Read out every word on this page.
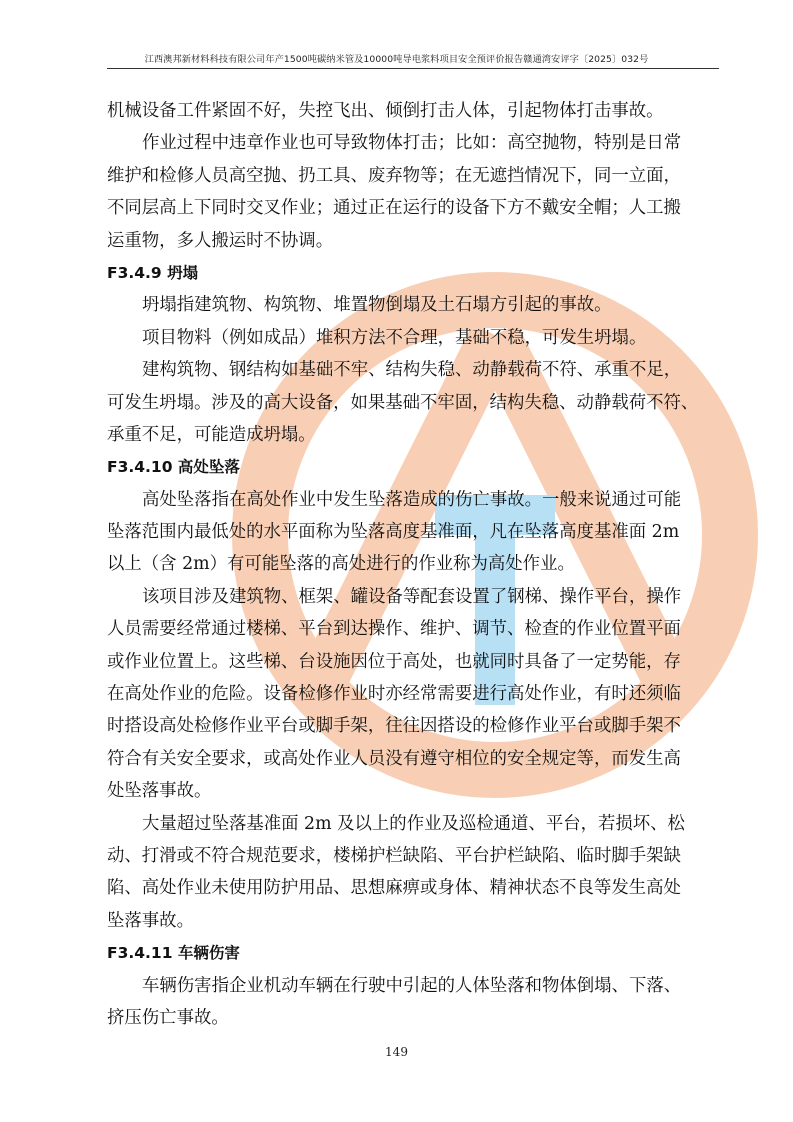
江西澳邦新材料科技有限公司年产1500吨碳纳米管及10000吨导电浆料项目安全预评价报告赣通湾安评字〔2025〕032号
机械设备工件紧固不好，失控飞出、倾倒打击人体，引起物体打击事故。
作业过程中违章作业也可导致物体打击；比如：高空抛物，特别是日常
维护和检修人员高空抛、扔工具、废弃物等；在无遮挡情况下，同一立面，
不同层高上下同时交叉作业；通过正在运行的设备下方不戴安全帽；人工搬
运重物，多人搬运时不协调。
F3.4.9 坍塌
坍塌指建筑物、构筑物、堆置物倒塌及土石塌方引起的事故。
项目物料（例如成品）堆积方法不合理，基础不稳，可发生坍塌。
建构筑物、钢结构如基础不牢、结构失稳、动静载荷不符、承重不足，
可发生坍塌。涉及的高大设备，如果基础不牢固，结构失稳、动静载荷不符、
承重不足，可能造成坍塌。
F3.4.10 高处坠落
高处坠落指在高处作业中发生坠落造成的伤亡事故。一般来说通过可能
坠落范围内最低处的水平面称为坠落高度基准面，凡在坠落高度基准面 2m
以上（含 2m）有可能坠落的高处进行的作业称为高处作业。
该项目涉及建筑物、框架、罐设备等配套设置了钢梯、操作平台，操作
人员需要经常通过楼梯、平台到达操作、维护、调节、检查的作业位置平面
或作业位置上。这些梯、台设施因位于高处，也就同时具备了一定势能，存
在高处作业的危险。设备检修作业时亦经常需要进行高处作业，有时还须临
时搭设高处检修作业平台或脚手架，往往因搭设的检修作业平台或脚手架不
符合有关安全要求，或高处作业人员没有遵守相位的安全规定等，而发生高
处坠落事故。
大量超过坠落基准面 2m 及以上的作业及巡检通道、平台，若损坏、松
动、打滑或不符合规范要求，楼梯护栏缺陷、平台护栏缺陷、临时脚手架缺
陷、高处作业未使用防护用品、思想麻痹或身体、精神状态不良等发生高处
坠落事故。
F3.4.11 车辆伤害
车辆伤害指企业机动车辆在行驶中引起的人体坠落和物体倒塌、下落、
挤压伤亡事故。
149
